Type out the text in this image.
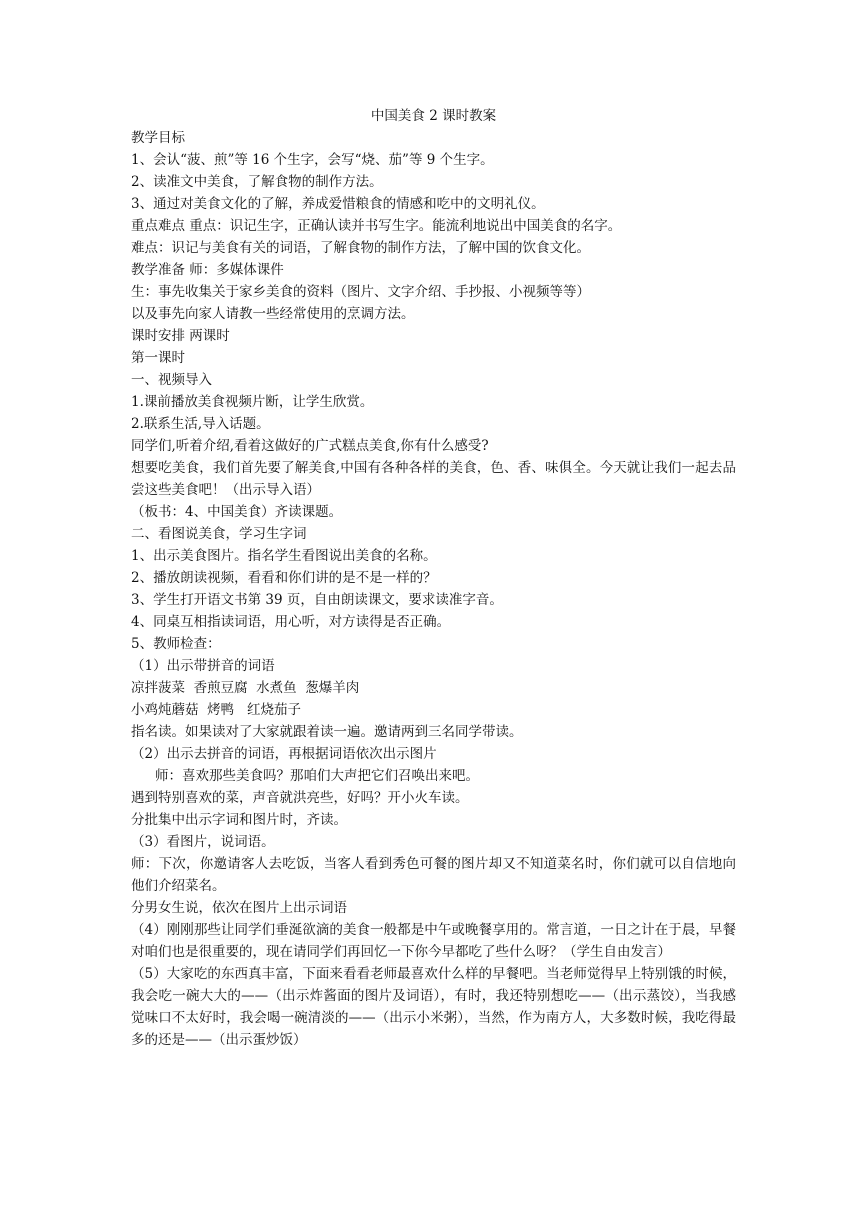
中国美食 2 课时教案
教学目标
1、会认“菠、煎”等 16 个生字，会写“烧、茄”等 9 个生字。
2、读准文中美食，了解食物的制作方法。
3、通过对美食文化的了解，养成爱惜粮食的情感和吃中的文明礼仪。
重点难点 重点：识记生字，正确认读并书写生字。能流利地说出中国美食的名字。
难点：识记与美食有关的词语，了解食物的制作方法，了解中国的饮食文化。
教学准备 师：多媒体课件
生：事先收集关于家乡美食的资料（图片、文字介绍、手抄报、小视频等等）
以及事先向家人请教一些经常使用的烹调方法。
课时安排 两课时
第一课时
一、视频导入
1.课前播放美食视频片断，让学生欣赏。
2.联系生活,导入话题。
同学们,听着介绍,看着这做好的广式糕点美食,你有什么感受?
想要吃美食，我们首先要了解美食,中国有各种各样的美食，色、香、味俱全。今天就让我们一起去品尝这些美食吧！（出示导入语）
（板书：4、中国美食）齐读课题。
二、看图说美食，学习生字词
1、出示美食图片。指名学生看图说出美食的名称。
2、播放朗读视频，看看和你们讲的是不是一样的？
3、学生打开语文书第 39 页，自由朗读课文，要求读准字音。
4、同桌互相指读词语，用心听，对方读得是否正确。
5、教师检查：
（1）出示带拼音的词语
凉拌菠菜  香煎豆腐  水煮鱼  葱爆羊肉
小鸡炖蘑菇  烤鸭   红烧茄子
指名读。如果读对了大家就跟着读一遍。邀请两到三名同学带读。
（2）出示去拼音的词语，再根据词语依次出示图片
师：喜欢那些美食吗？那咱们大声把它们召唤出来吧。
遇到特别喜欢的菜，声音就洪亮些，好吗？开小火车读。
分批集中出示字词和图片时，齐读。
（3）看图片，说词语。
师：下次，你邀请客人去吃饭，当客人看到秀色可餐的图片却又不知道菜名时，你们就可以自信地向他们介绍菜名。
分男女生说，依次在图片上出示词语
（4）刚刚那些让同学们垂涎欲滴的美食一般都是中午或晚餐享用的。常言道，一日之计在于晨，早餐对咱们也是很重要的，现在请同学们再回忆一下你今早都吃了些什么呀？（学生自由发言）
（5）大家吃的东西真丰富，下面来看看老师最喜欢什么样的早餐吧。当老师觉得早上特别饿的时候，我会吃一碗大大的——（出示炸酱面的图片及词语），有时，我还特别想吃——（出示蒸饺），当我感觉味口不太好时，我会喝一碗清淡的——（出示小米粥），当然，作为南方人，大多数时候，我吃得最多的还是——（出示蛋炒饭）
